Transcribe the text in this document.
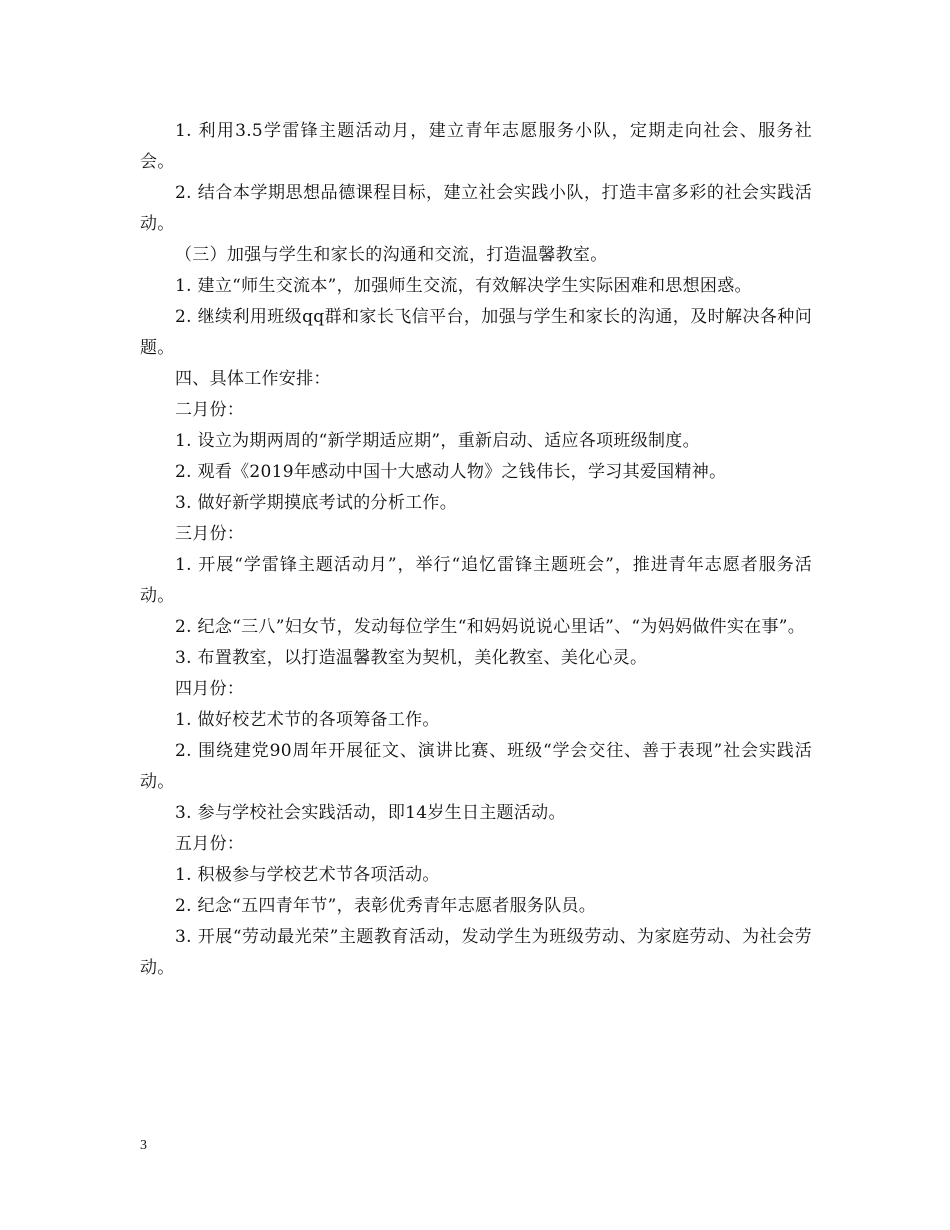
1. 利用3.5学雷锋主题活动月，建立青年志愿服务小队，定期走向社会、服务社会。

2. 结合本学期思想品德课程目标，建立社会实践小队，打造丰富多彩的社会实践活动。

（三）加强与学生和家长的沟通和交流，打造温馨教室。

1. 建立“师生交流本”，加强师生交流，有效解决学生实际困难和思想困惑。

2. 继续利用班级qq群和家长飞信平台，加强与学生和家长的沟通，及时解决各种问题。

四、具体工作安排：

二月份：

1. 设立为期两周的“新学期适应期”，重新启动、适应各项班级制度。

2. 观看《2019年感动中国十大感动人物》之钱伟长，学习其爱国精神。

3. 做好新学期摸底考试的分析工作。

三月份：

1. 开展“学雷锋主题活动月”，举行“追忆雷锋主题班会”，推进青年志愿者服务活动。

2. 纪念“三八”妇女节，发动每位学生“和妈妈说说心里话”、“为妈妈做件实在事”。

3. 布置教室，以打造温馨教室为契机，美化教室、美化心灵。

四月份：

1. 做好校艺术节的各项筹备工作。

2. 围绕建党90周年开展征文、演讲比赛、班级“学会交往、善于表现”社会实践活动。

3. 参与学校社会实践活动，即14岁生日主题活动。

五月份：

1. 积极参与学校艺术节各项活动。

2. 纪念“五四青年节”，表彰优秀青年志愿者服务队员。

3. 开展“劳动最光荣”主题教育活动，发动学生为班级劳动、为家庭劳动、为社会劳动。

3
